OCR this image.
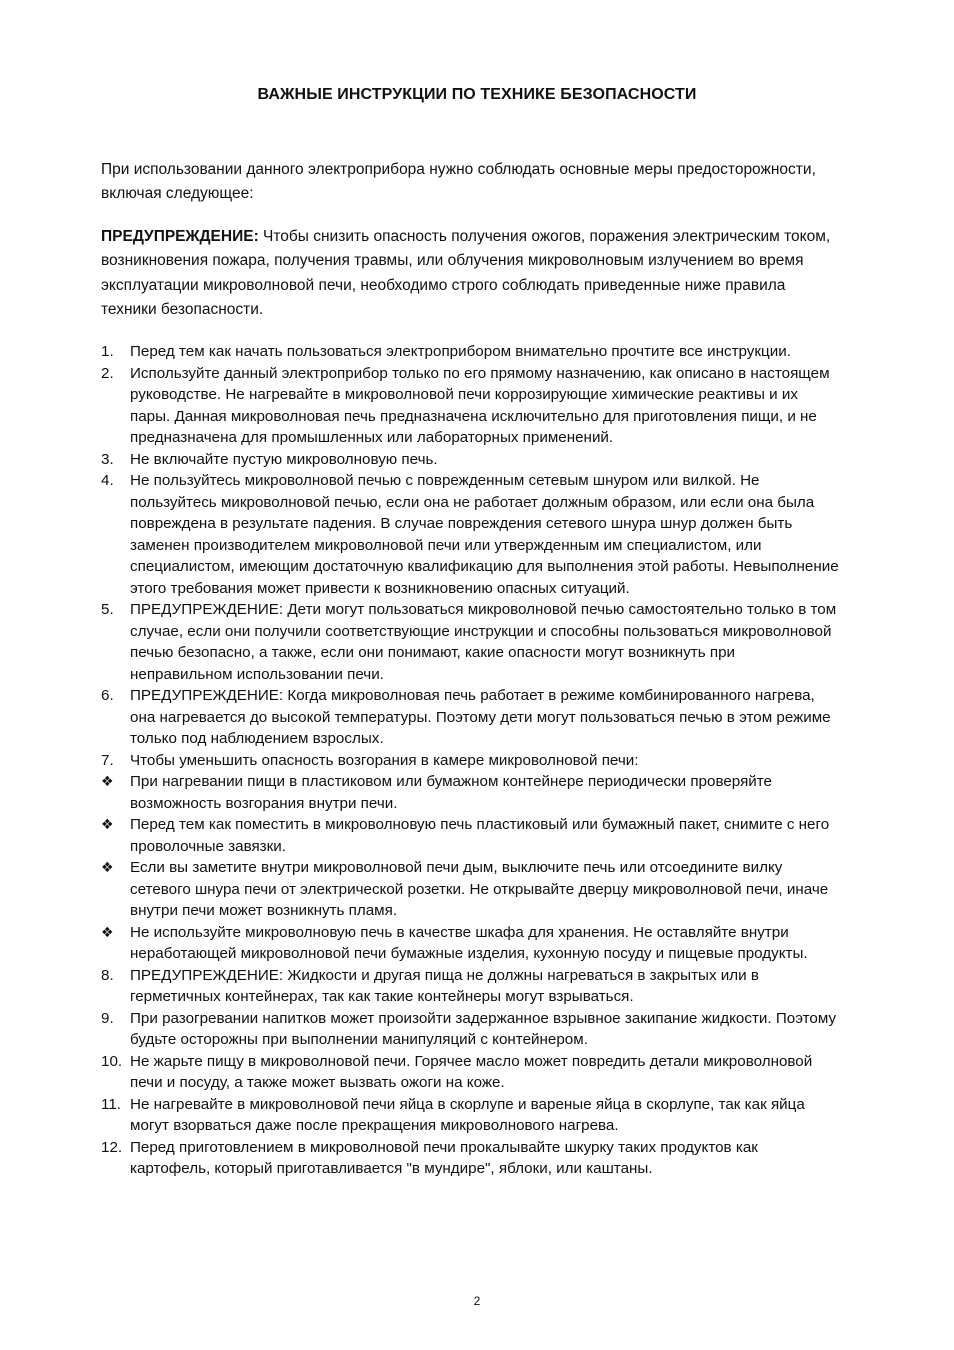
ВАЖНЫЕ ИНСТРУКЦИИ ПО ТЕХНИКЕ БЕЗОПАСНОСТИ

При использовании данного электроприбора нужно соблюдать основные меры предосторожности, включая следующее:

ПРЕДУПРЕЖДЕНИЕ: Чтобы снизить опасность получения ожогов, поражения электрическим током, возникновения пожара, получения травмы, или облучения микроволновым излучением во время эксплуатации микроволновой печи, необходимо строго соблюдать приведенные ниже правила техники безопасности.

1.	Перед тем как начать пользоваться электроприбором внимательно прочтите все инструкции.
2.	Используйте данный электроприбор только по его прямому назначению, как описано в настоящем руководстве. Не нагревайте в микроволновой печи коррозирующие химические реактивы и их пары. Данная микроволновая печь предназначена исключительно для приготовления пищи, и не предназначена для промышленных или лабораторных применений.
3.	Не включайте пустую микроволновую печь.
4.	Не пользуйтесь микроволновой печью с поврежденным сетевым шнуром или вилкой. Не пользуйтесь микроволновой печью, если она не работает должным образом, или если она была повреждена в результате падения. В случае повреждения сетевого шнура шнур должен быть заменен производителем микроволновой печи или утвержденным им специалистом, или специалистом, имеющим достаточную квалификацию для выполнения этой работы. Невыполнение этого требования может привести к возникновению опасных ситуаций.
5.	ПРЕДУПРЕЖДЕНИЕ: Дети могут пользоваться микроволновой печью самостоятельно только в том случае, если они получили соответствующие инструкции и способны пользоваться микроволновой печью безопасно, а также, если они понимают, какие опасности могут возникнуть при неправильном использовании печи.
6.	ПРЕДУПРЕЖДЕНИЕ: Когда микроволновая печь работает в режиме комбинированного нагрева, она нагревается до высокой температуры. Поэтому дети могут пользоваться печью в этом режиме только под наблюдением взрослых.
7.	Чтобы уменьшить опасность возгорания в камере микроволновой печи:
❖	При нагревании пищи в пластиковом или бумажном контейнере периодически проверяйте возможность возгорания внутри печи.
❖	Перед тем как поместить в микроволновую печь пластиковый или бумажный пакет, снимите с него проволочные завязки.
❖	Если вы заметите внутри микроволновой печи дым, выключите печь или отсоедините вилку сетевого шнура печи от электрической розетки. Не открывайте дверцу микроволновой печи, иначе внутри печи может возникнуть пламя.
❖	Не используйте микроволновую печь в качестве шкафа для хранения. Не оставляйте внутри неработающей микроволновой печи бумажные изделия, кухонную посуду и пищевые продукты.
8.	ПРЕДУПРЕЖДЕНИЕ: Жидкости и другая пища не должны нагреваться в закрытых или в герметичных контейнерах, так как такие контейнеры могут взрываться.
9.	При разогревании напитков может произойти задержанное взрывное закипание жидкости. Поэтому будьте осторожны при выполнении манипуляций с контейнером.
10. Не жарьте пищу в микроволновой печи. Горячее масло может повредить детали микроволновой печи и посуду, а также может вызвать ожоги на коже.
11. Не нагревайте в микроволновой печи яйца в скорлупе и вареные яйца в скорлупе, так как яйца могут взорваться даже после прекращения микроволнового нагрева.
12. Перед приготовлением в микроволновой печи прокалывайте шкурку таких продуктов как картофель, который приготавливается "в мундире", яблоки, или каштаны.
2
